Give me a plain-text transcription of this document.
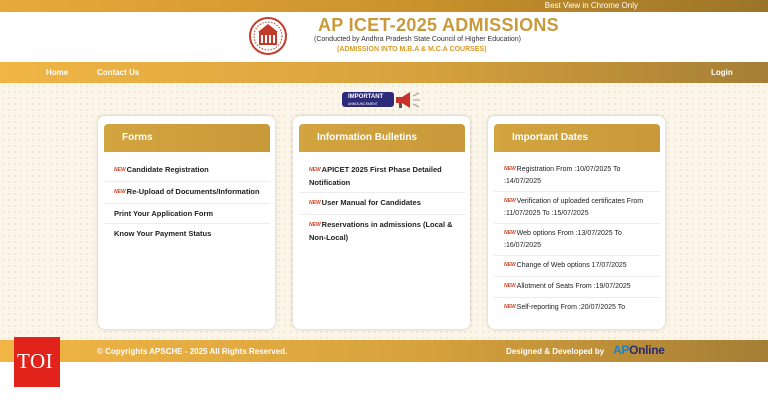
Best View in Chrome Only
AP ICET-2025 ADMISSIONS
(Conducted by Andhra Pradesh State Council of Higher Education)
(ADMISSION INTO M.B.A & M.C.A COURSES)
Home	Contact Us	Login
IMPORTANT
ANNOUNCEMENT
Forms
NEWCandidate Registration
NEWRe-Upload of Documents/Information
Print Your Application Form
Know Your Payment Status
Information Bulletins
NEWAPICET 2025 First Phase Detailed Notification
NEWUser Manual for Candidates
NEWReservations in admissions (Local & Non-Local)
Important Dates
NEWRegistration From :10/07/2025 To :14/07/2025
NEWVerification of uploaded certificates From :11/07/2025 To :15/07/2025
NEWWeb options From :13/07/2025 To :16/07/2025
NEWChange of Web options 17/07/2025
NEWAllotment of Seats From :19/07/2025
NEWSelf-reporting From :20/07/2025 To
© Copyrights APSCHE - 2025 All Rights Reserved.	Designed & Developed by APOnline
TOI
